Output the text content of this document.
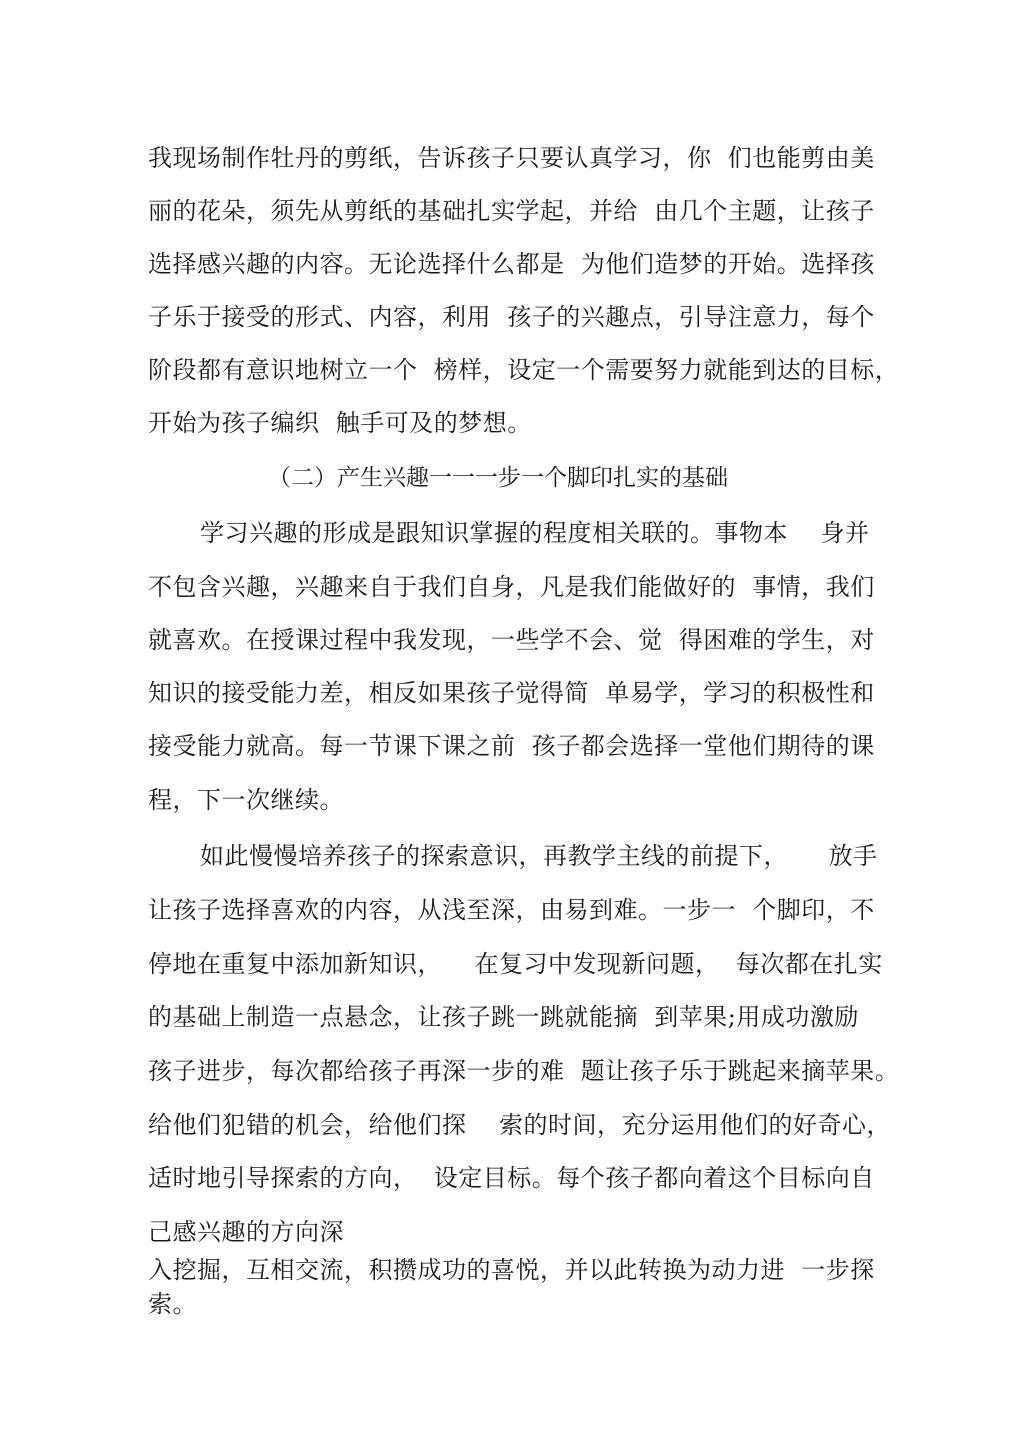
我现场制作牡丹的剪纸，告诉孩子只要认真学习，你  们也能剪由美
丽的花朵，须先从剪纸的基础扎实学起，并给  由几个主题，让孩子
选择感兴趣的内容。无论选择什么都是  为他们造梦的开始。选择孩
子乐于接受的形式、内容，利用  孩子的兴趣点，引导注意力，每个
阶段都有意识地树立一个  榜样，设定一个需要努力就能到达的目标，
开始为孩子编织  触手可及的梦想。
（二）产生兴趣一一一步一个脚印扎实的基础
学习兴趣的形成是跟知识掌握的程度相关联的。事物本    身并
不包含兴趣，兴趣来自于我们自身，凡是我们能做好的  事情，我们
就喜欢。在授课过程中我发现，一些学不会、觉  得困难的学生，对
知识的接受能力差，相反如果孩子觉得简  单易学，学习的积极性和
接受能力就高。每一节课下课之前  孩子都会选择一堂他们期待的课
程，下一次继续。
如此慢慢培养孩子的探索意识，再教学主线的前提下，     放手
让孩子选择喜欢的内容，从浅至深，由易到难。一步一  个脚印，不
停地在重复中添加新知识，    在复习中发现新问题，  每次都在扎实
的基础上制造一点悬念，让孩子跳一跳就能摘  到苹果;用成功激励
孩子进步，每次都给孩子再深一步的难  题让孩子乐于跳起来摘苹果。
给他们犯错的机会，给他们探    索的时间，充分运用他们的好奇心，
适时地引导探索的方向，  设定目标。每个孩子都向着这个目标向自
己感兴趣的方向深
入挖掘，互相交流，积攒成功的喜悦，并以此转换为动力进  一步探
索。
